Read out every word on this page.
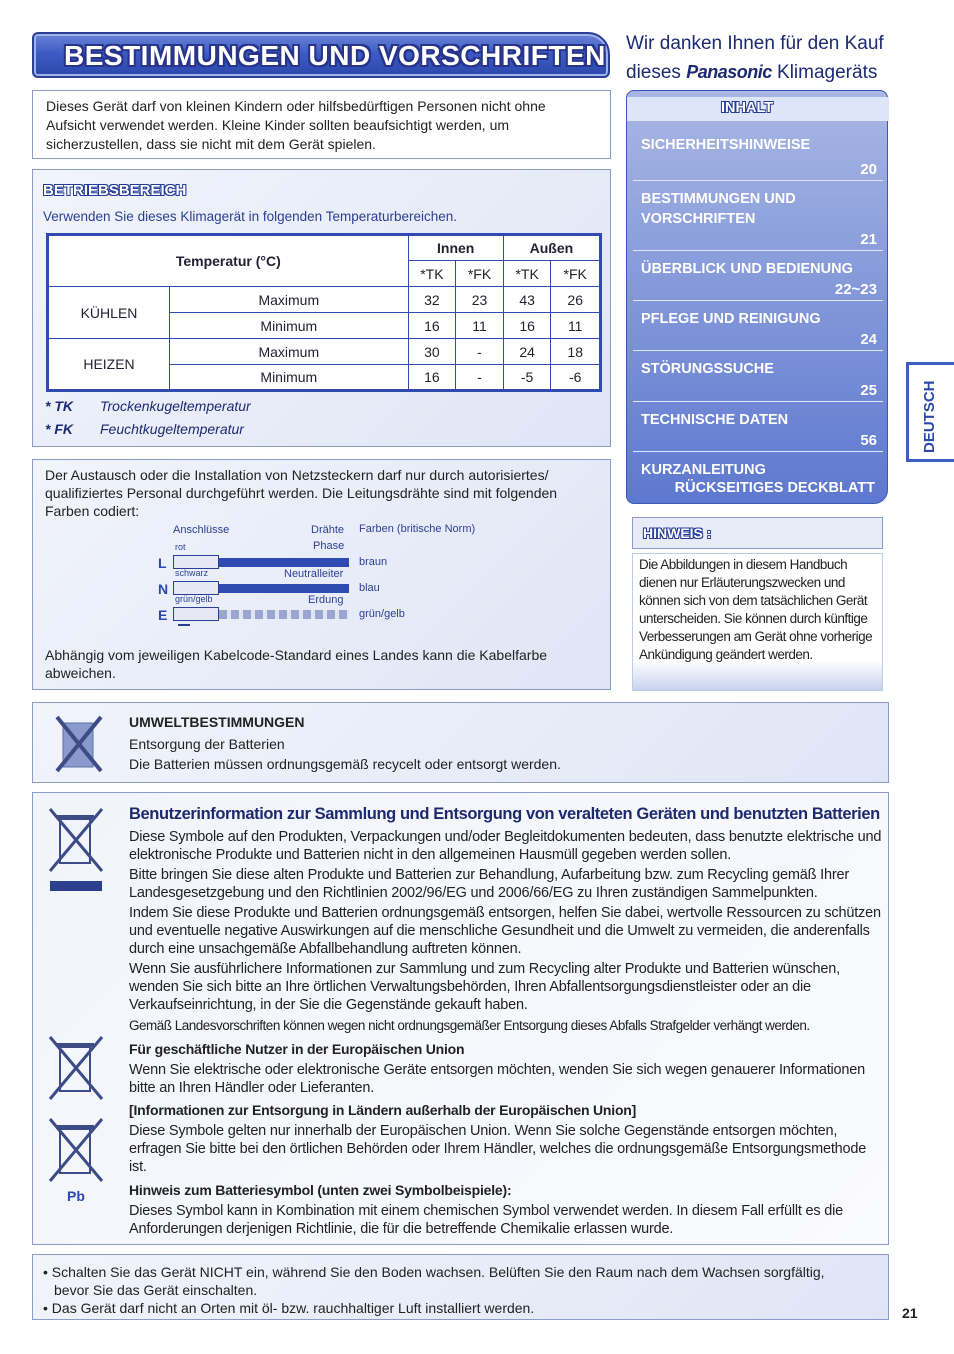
BESTIMMUNGEN UND VORSCHRIFTEN Wir danken Ihnen für den Kauf
dieses Panasonic Klimageräts
Dieses Gerät darf von kleinen Kindern oder hilfsbedürftigen Personen nicht ohne Aufsicht verwendet werden. Kleine Kinder sollten beaufsichtigt werden, um sicherzustellen, dass sie nicht mit dem Gerät spielen.
BETRIEBSBEREICH
Verwenden Sie dieses Klimagerät in folgenden Temperaturbereichen.
Temperatur (°C)		Innen		Außen	
		*TK	*FK	*TK	*FK
KÜHLEN	Maximum	32	23	43	26
	Minimum	16	11	16	11
HEIZEN	Maximum	30	-	24	18
	Minimum	16	-	-5	-6
* TK Trockenkugeltemperatur
* FK Feuchtkugeltemperatur
Der Austausch oder die Installation von Netzsteckern darf nur durch autorisiertes/ qualifiziertes Personal durchgeführt werden. Die Leitungsdrähte sind mit folgenden Farben codiert:
Anschlüsse	Drähte Farben (britische Norm)
L
rot	Phase
braun
N
schwarz	Neutralleiter
blau
E
grün/gelb	Erdung
grün/gelb
Abhängig vom jeweiligen Kabelcode-Standard eines Landes kann die Kabelfarbe abweichen.
INHALT
SICHERHEITSHINWEISE
20
BESTIMMUNGEN UND
VORSCHRIFTEN
21
ÜBERBLICK UND BEDIENUNG
22~23
PFLEGE UND REINIGUNG
24
STÖRUNGSSUCHE
25
TECHNISCHE DATEN
56
KURZANLEITUNG
RÜCKSEITIGES DECKBLATT
DEUTSCH
HINWEIS :
Die Abbildungen in diesem Handbuch dienen nur Erläuterungszwecken und können sich von dem tatsächlichen Gerät unterscheiden. Sie können durch künftige Verbesserungen am Gerät ohne vorherige Ankündigung geändert werden.
UMWELTBESTIMMUNGEN
Entsorgung der Batterien
Die Batterien müssen ordnungsgemäß recycelt oder entsorgt werden.
Pb
Benutzerinformation zur Sammlung und Entsorgung von veralteten Geräten und benutzten Batterien

Diese Symbole auf den Produkten, Verpackungen und/oder Begleitdokumenten bedeuten, dass benutzte elektrische und elektronische Produkte und Batterien nicht in den allgemeinen Hausmüll gegeben werden sollen.

Bitte bringen Sie diese alten Produkte und Batterien zur Behandlung, Aufarbeitung bzw. zum Recycling gemäß Ihrer Landesgesetzgebung und den Richtlinien 2002/96/EG und 2006/66/EG zu Ihren zuständigen Sammelpunkten.

Indem Sie diese Produkte und Batterien ordnungsgemäß entsorgen, helfen Sie dabei, wertvolle Ressourcen zu schützen und eventuelle negative Auswirkungen auf die menschliche Gesundheit und die Umwelt zu vermeiden, die anderenfalls durch eine unsachgemäße Abfallbehandlung auftreten können.

Wenn Sie ausführlichere Informationen zur Sammlung und zum Recycling alter Produkte und Batterien wünschen, wenden Sie sich bitte an Ihre örtlichen Verwaltungsbehörden, Ihren Abfallentsorgungsdienstleister oder an die Verkaufseinrichtung, in der Sie die Gegenstände gekauft haben.

Gemäß Landesvorschriften können wegen nicht ordnungsgemäßer Entsorgung dieses Abfalls Strafgelder verhängt werden.

Für geschäftliche Nutzer in der Europäischen Union

Wenn Sie elektrische oder elektronische Geräte entsorgen möchten, wenden Sie sich wegen genauerer Informationen bitte an Ihren Händler oder Lieferanten.

[Informationen zur Entsorgung in Ländern außerhalb der Europäischen Union]

Diese Symbole gelten nur innerhalb der Europäischen Union. Wenn Sie solche Gegenstände entsorgen möchten, erfragen Sie bitte bei den örtlichen Behörden oder Ihrem Händler, welches die ordnungsgemäße Entsorgungsmethode ist.

Hinweis zum Batteriesymbol (unten zwei Symbolbeispiele):

Dieses Symbol kann in Kombination mit einem chemischen Symbol verwendet werden. In diesem Fall erfüllt es die Anforderungen derjenigen Richtlinie, die für die betreffende Chemikalie erlassen wurde.

• Schalten Sie das Gerät NICHT ein, während Sie den Boden wachsen. Belüften Sie den Raum nach dem Wachsen sorgfältig,
bevor Sie das Gerät einschalten.
• Das Gerät darf nicht an Orten mit öl- bzw. rauchhaltiger Luft installiert werden.	21
